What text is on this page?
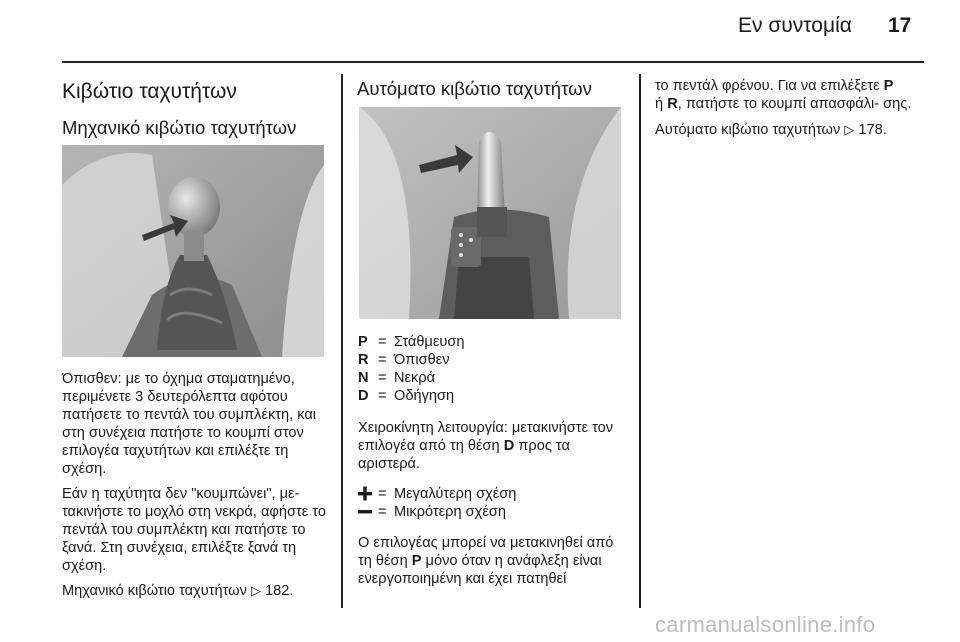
Εν συντομία 17
Κιβώτιο ταχυτήτων
Μηχανικό κιβώτιο ταχυτήτων

Όπισθεν: με το όχημα σταματημένο, περιμένετε 3 δευτερόλεπτα αφότου πατήσετε το πεντάλ του συμπλέκτη, και στη συνέχεια πατήστε το κουμπί στον επιλογέα ταχυτήτων και επιλέξτε τη σχέση.

Εάν η ταχύτητα δεν "κουμπώνει", με- τακινήστε το μοχλό στη νεκρά, αφήστε το πεντάλ του συμπλέκτη και πατήστε το ξανά. Στη συνέχεια, επιλέξτε ξανά τη σχέση.

Μηχανικό κιβώτιο ταχυτήτων ▷ 182.

Αυτόματο κιβώτιο ταχυτήτων
P = Στάθμευση
R = Όπισθεν
N = Νεκρά
D = Οδήγηση

Χειροκίνητη λειτουργία: μετακινήστε τον επιλογέα από τη θέση D προς τα αριστερά.

= Μεγαλύτερη σχέση
= Μικρότερη σχέση

Ο επιλογέας μπορεί να μετακινηθεί από τη θέση P μόνο όταν η ανάφλεξη είναι ενεργοποιημένη και έχει πατηθεί

το πεντάλ φρένου. Για να επιλέξετε P
ή R, πατήστε το κουμπί απασφάλι- σης.

Αυτόματο κιβώτιο ταχυτήτων ▷ 178.

carmanualsonline.info
